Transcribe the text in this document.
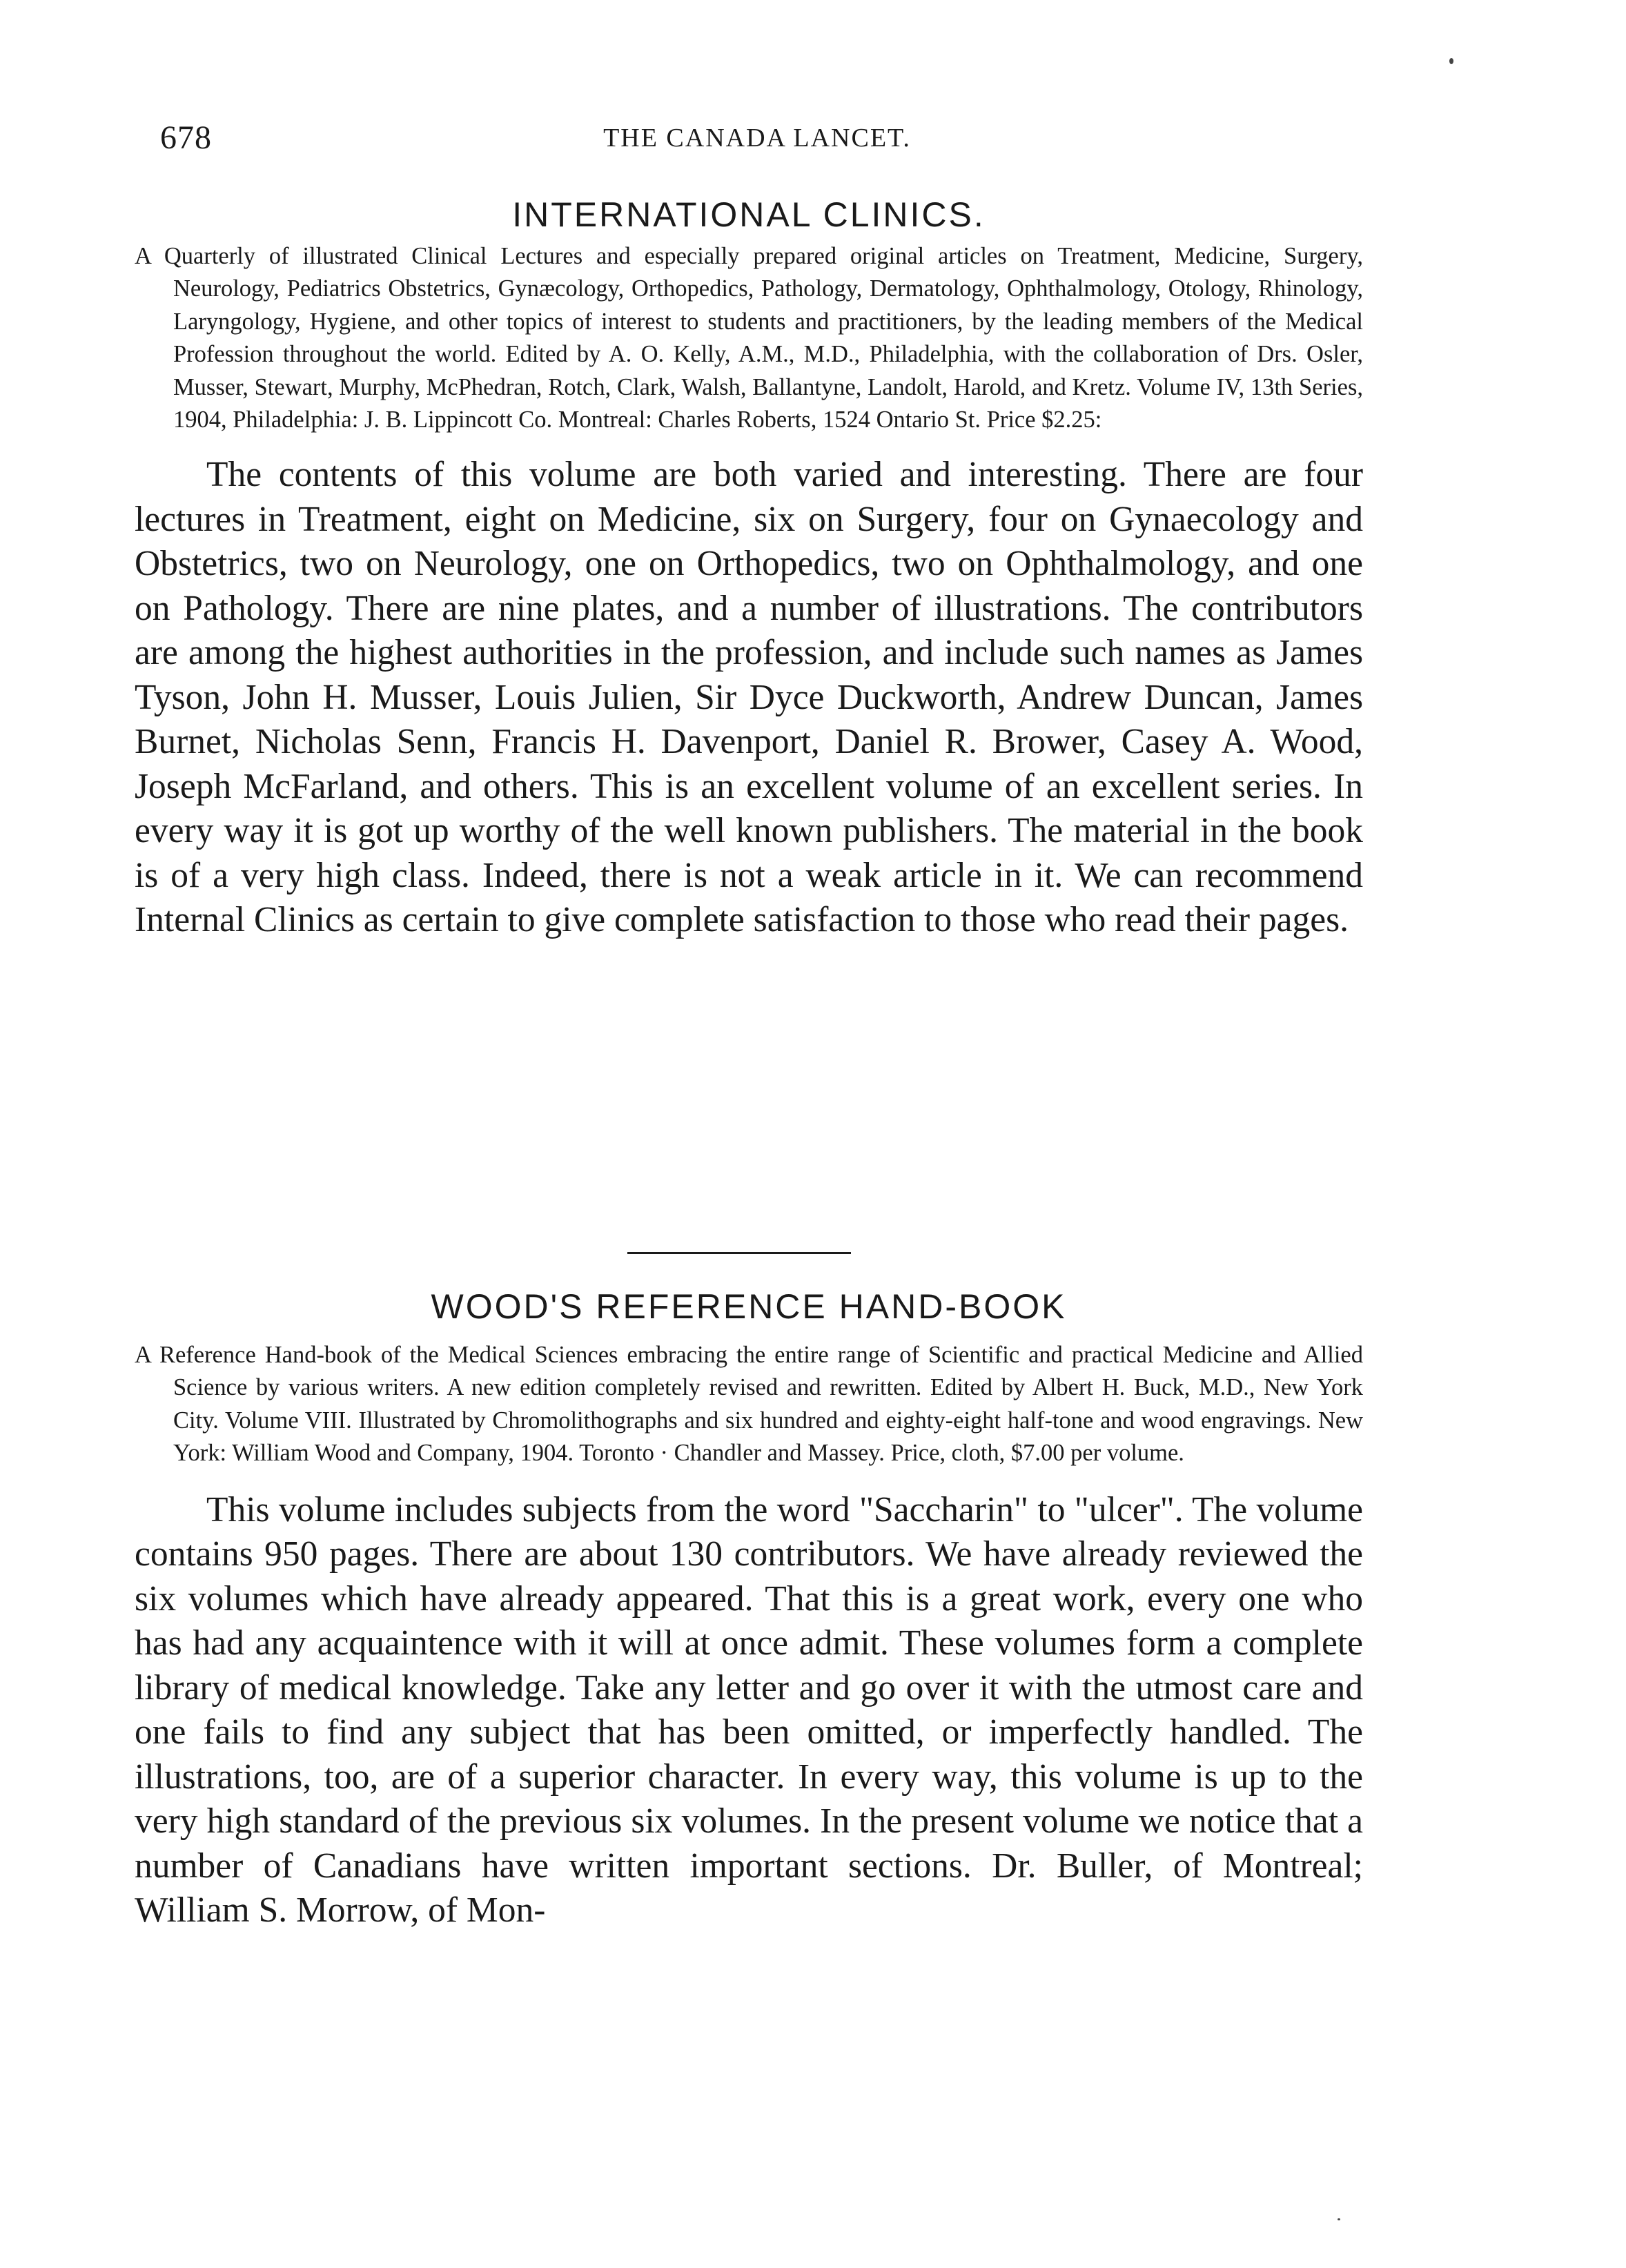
678	THE CANADA LANCET.
INTERNATIONAL CLINICS.

A Quarterly of illustrated Clinical Lectures and especially prepared original articles on Treatment, Medicine, Surgery, Neurology, Pediatrics Obstetrics, Gynæcology, Orthopedics, Pathology, Dermatology, Ophthalmology, Otology, Rhinology, Laryngology, Hygiene, and other topics of interest to students and practitioners, by the leading members of the Medical Profession throughout the world. Edited by A. O. Kelly, A.M., M.D., Philadelphia, with the collaboration of Drs. Osler, Musser, Stewart, Murphy, McPhedran, Rotch, Clark, Walsh, Ballantyne, Landolt, Harold, and Kretz. Volume IV, 13th Series, 1904, Philadelphia: J. B. Lippincott Co. Montreal: Charles Roberts, 1524 Ontario St. Price $2.25:

The contents of this volume are both varied and interesting. There are four lectures in Treatment, eight on Medicine, six on Surgery, four on Gynaecology and Obstetrics, two on Neurology, one on Orthopedics, two on Ophthalmology, and one on Pathology. There are nine plates, and a number of illustrations. The contributors are among the highest authorities in the profession, and include such names as James Tyson, John H. Musser, Louis Julien, Sir Dyce Duckworth, Andrew Duncan, James Burnet, Nicholas Senn, Francis H. Davenport, Daniel R. Brower, Casey A. Wood, Joseph McFarland, and others. This is an excellent volume of an excellent series. In every way it is got up worthy of the well known publishers. The material in the book is of a very high class. Indeed, there is not a weak article in it. We can recommend Internal Clinics as certain to give complete satisfaction to those who read their pages.

WOOD'S REFERENCE HAND-BOOK

A Reference Hand-book of the Medical Sciences embracing the entire range of Scientific and practical Medicine and Allied Science by various writers. A new edition completely revised and rewritten. Edited by Albert H. Buck, M.D., New York City. Volume VIII. Illustrated by Chromolithographs and six hundred and eighty-eight half-tone and wood engravings. New York: William Wood and Company, 1904. Toronto · Chandler and Massey. Price, cloth, $7.00 per volume.

This volume includes subjects from the word "Saccharin" to "ulcer". The volume contains 950 pages. There are about 130 contributors. We have already reviewed the six volumes which have already appeared. That this is a great work, every one who has had any acquaintence with it will at once admit. These volumes form a complete library of medical knowledge. Take any letter and go over it with the utmost care and one fails to find any subject that has been omitted, or imperfectly handled. The illustrations, too, are of a superior character. In every way, this volume is up to the very high standard of the previous six volumes. In the present volume we notice that a number of Canadians have written important sections. Dr. Buller, of Montreal; William S. Morrow, of Mon-
